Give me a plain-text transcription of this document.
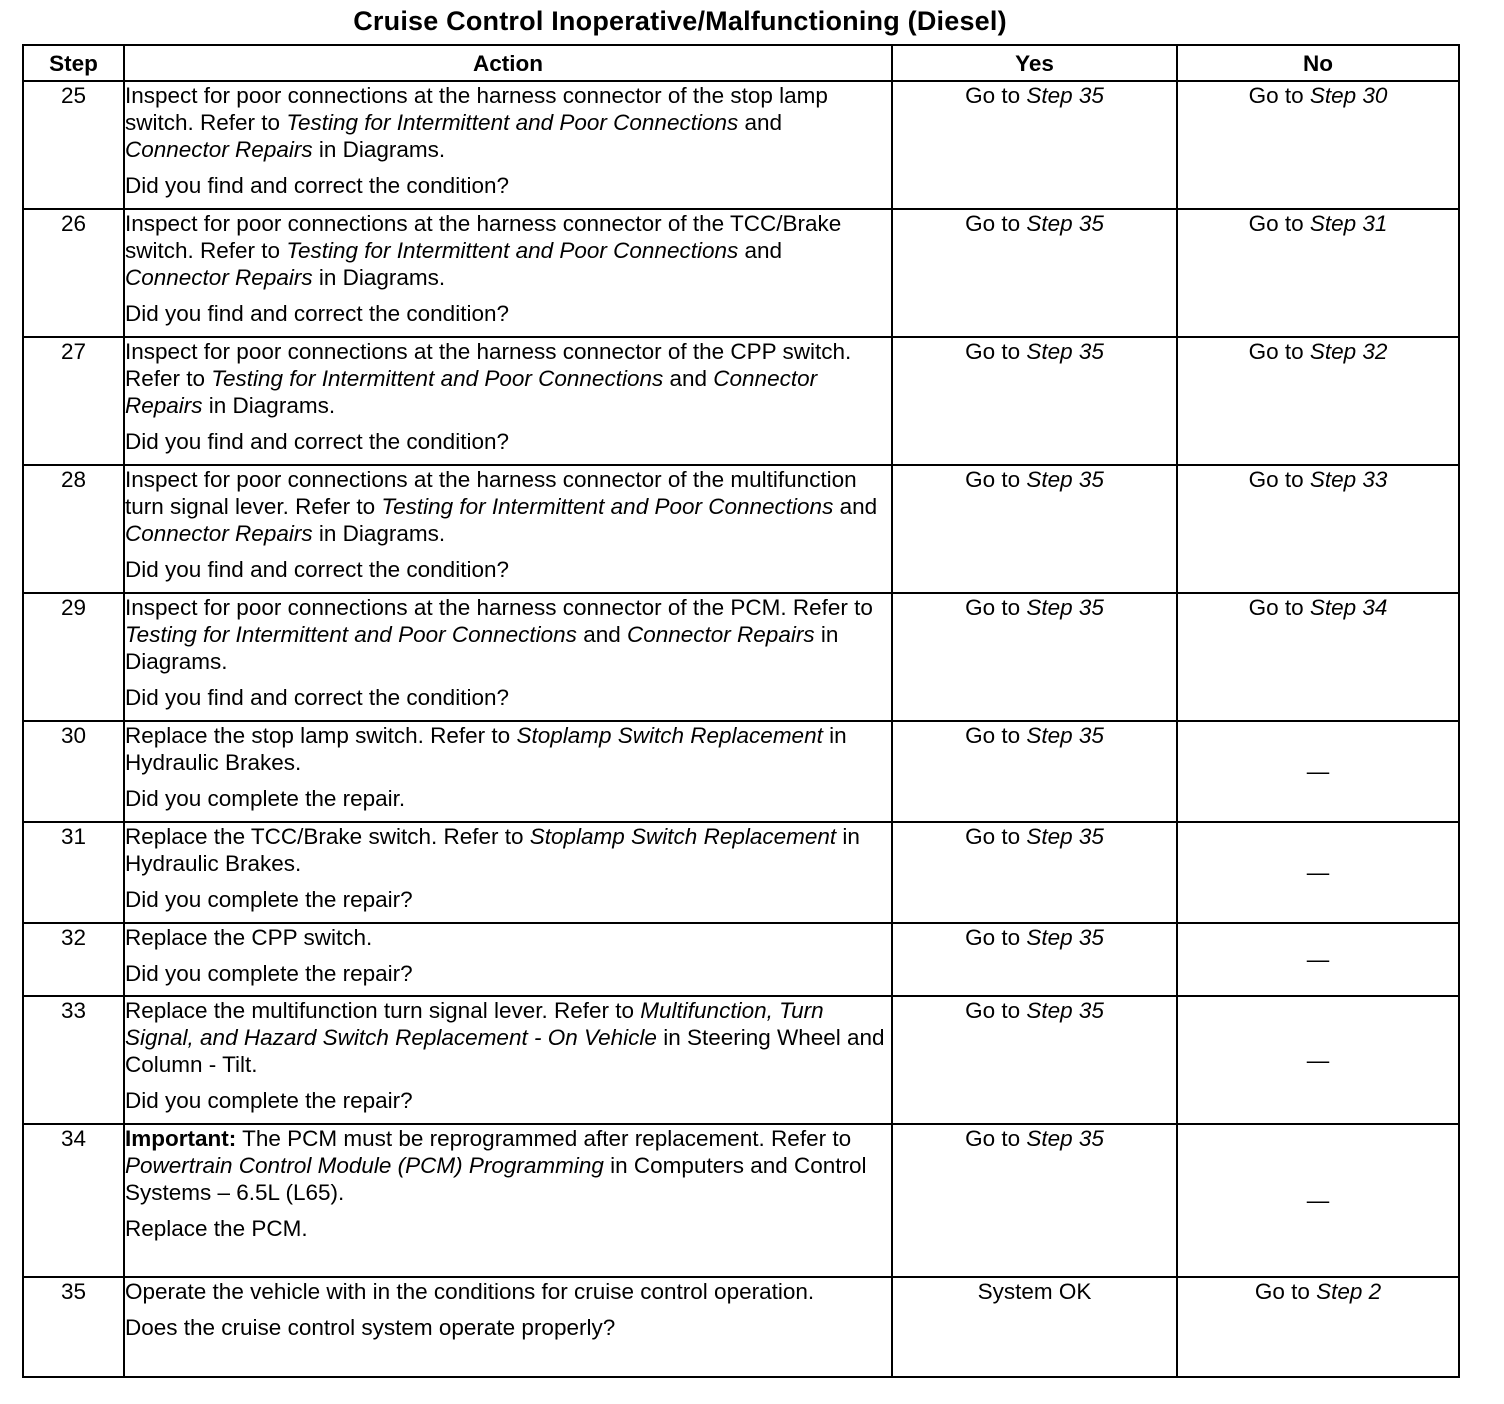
Cruise Control Inoperative/Malfunctioning (Diesel)
Step	Action	Yes	No
25	Inspect for poor connections at the harness connector of the stop lamp switch. Refer to Testing for Intermittent and Poor Connections and Connector Repairs in Diagrams.

Did you find and correct the condition?	Go to Step 35	Go to Step 30
26	Inspect for poor connections at the harness connector of the TCC/Brake switch. Refer to Testing for Intermittent and Poor Connections and Connector Repairs in Diagrams.

Did you find and correct the condition?	Go to Step 35	Go to Step 31
27	Inspect for poor connections at the harness connector of the CPP switch. Refer to Testing for Intermittent and Poor Connections and Connector Repairs in Diagrams.

Did you find and correct the condition?	Go to Step 35	Go to Step 32
28	Inspect for poor connections at the harness connector of the multifunction turn signal lever. Refer to Testing for Intermittent and Poor Connections and Connector Repairs in Diagrams.

Did you find and correct the condition?	Go to Step 35	Go to Step 33
29	Inspect for poor connections at the harness connector of the PCM. Refer to Testing for Intermittent and Poor Connections and Connector Repairs in Diagrams.

Did you find and correct the condition?	Go to Step 35	Go to Step 34
30	Replace the stop lamp switch. Refer to Stoplamp Switch Replacement in Hydraulic Brakes.

Did you complete the repair.	Go to Step 35	—
31	Replace the TCC/Brake switch. Refer to Stoplamp Switch Replacement in Hydraulic Brakes.

Did you complete the repair?	Go to Step 35	—
32	Replace the CPP switch.

Did you complete the repair?	Go to Step 35	—
33	Replace the multifunction turn signal lever. Refer to Multifunction, Turn Signal, and Hazard Switch Replacement - On Vehicle in Steering Wheel and Column - Tilt.

Did you complete the repair?	Go to Step 35	—
34	Important: The PCM must be reprogrammed after replacement. Refer to Powertrain Control Module (PCM) Programming in Computers and Control Systems – 6.5L (L65).

Replace the PCM.	Go to Step 35	—
35	Operate the vehicle with in the conditions for cruise control operation.

Does the cruise control system operate properly?	System OK	Go to Step 2
